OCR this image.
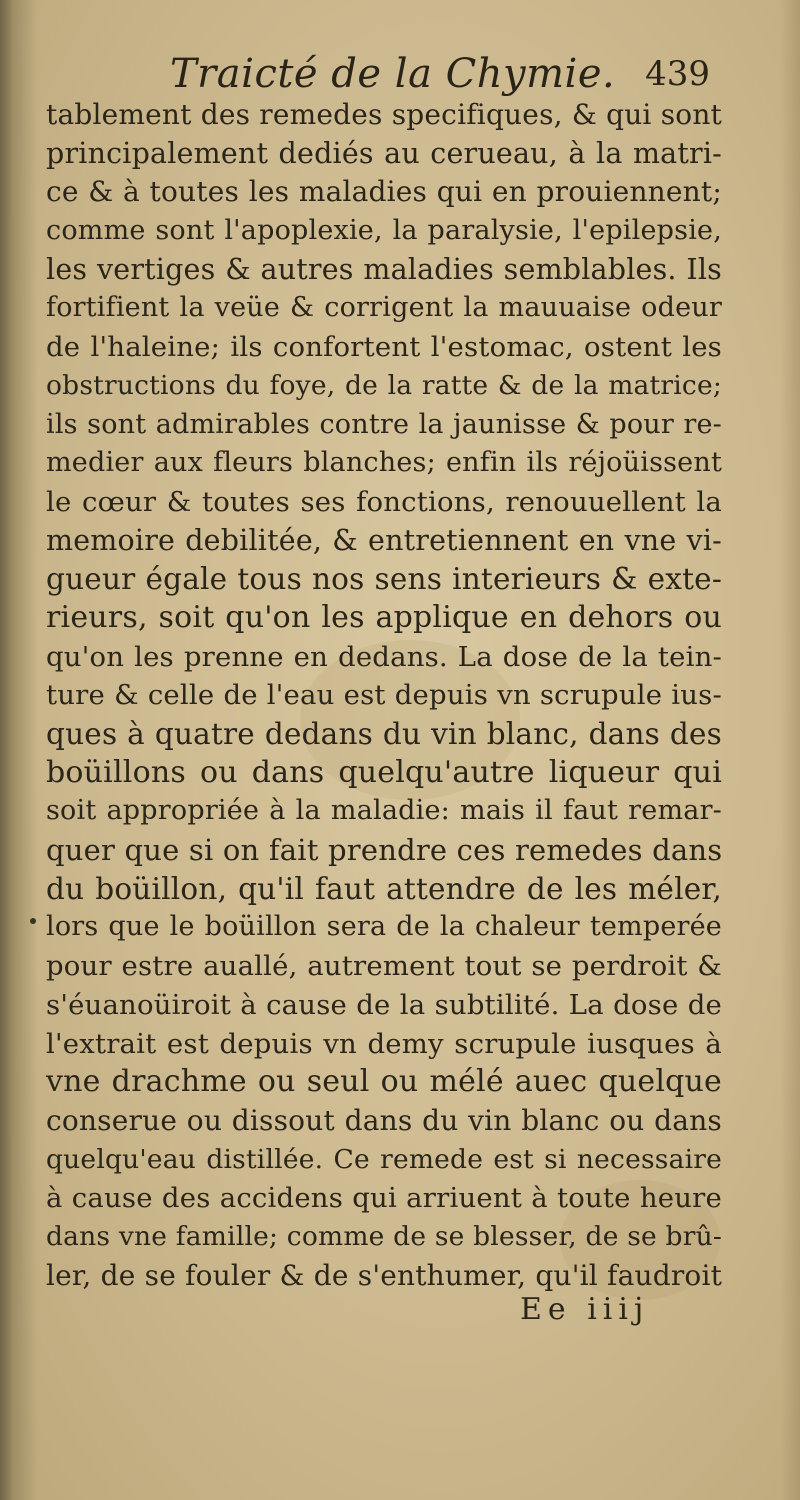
Traicté de la Chymie. 439
tablement des remedes specifiques, & qui sont
principalement dediés au cerueau, à la matri-
ce & à toutes les maladies qui en prouiennent;
comme sont l'apoplexie, la paralysie, l'epilepsie,
les vertiges & autres maladies semblables. Ils
fortifient la veüe & corrigent la mauuaise odeur
de l'haleine; ils confortent l'estomac, ostent les
obstructions du foye, de la ratte & de la matrice;
ils sont admirables contre la jaunisse & pour re-
medier aux fleurs blanches; enfin ils réjoüissent
le cœur & toutes ses fonctions, renouuellent la
memoire debilitée, & entretiennent en vne vi-
gueur égale tous nos sens interieurs & exte-
rieurs, soit qu'on les applique en dehors ou
qu'on les prenne en dedans. La dose de la tein-
ture & celle de l'eau est depuis vn scrupule ius-
ques à quatre dedans du vin blanc, dans des
boüillons ou dans quelqu'autre liqueur qui
soit appropriée à la maladie: mais il faut remar-
quer que si on fait prendre ces remedes dans
du boüillon, qu'il faut attendre de les méler,
lors que le boüillon sera de la chaleur temperée
pour estre auallé, autrement tout se perdroit &
s'éuanoüiroit à cause de la subtilité. La dose de
l'extrait est depuis vn demy scrupule iusques à
vne drachme ou seul ou mélé auec quelque
conserue ou dissout dans du vin blanc ou dans
quelqu'eau distillée. Ce remede est si necessaire
à cause des accidens qui arriuent à toute heure
dans vne famille; comme de se blesser, de se brû-
ler, de se fouler & de s'enthumer, qu'il faudroit
Ee iiij
